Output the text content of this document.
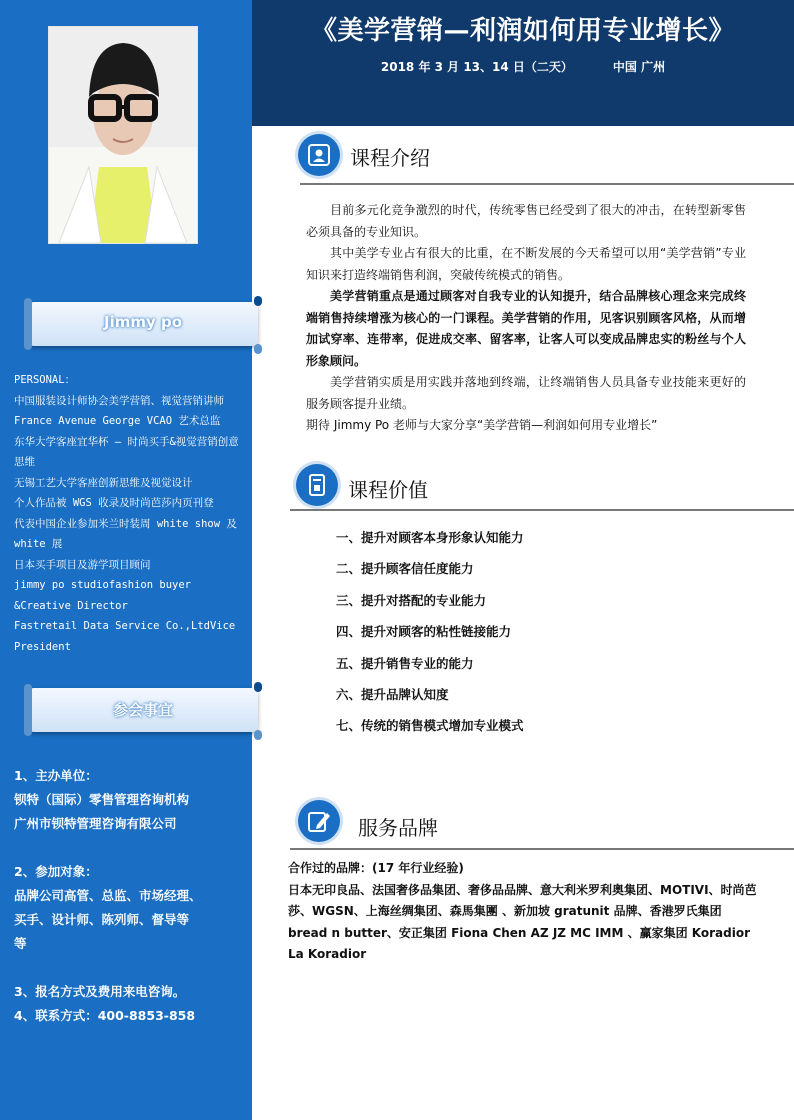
Jimmy po
PERSONAL：
中国服装设计师协会美学营销、视觉营销讲师
France Avenue George VCAO 艺术总监
东华大学客座宜华杯 — 时尚买手&视觉营销创意思维
无锡工艺大学客座创新思维及视觉设计
个人作品被 WGS 收录及时尚芭莎内页刊登
代表中国企业参加米兰时装周 white show 及 white 展
日本买手项目及游学项目顾问
jimmy po studiofashion buyer &Creative Director
Fastretail Data Service Co.,LtdVice President
参会事宜
1、主办单位：
钡特（国际）零售管理咨询机构
广州市钡特管理咨询有限公司
2、参加对象：
品牌公司高管、总监、市场经理、
买手、设计师、陈列师、督导等
等
3、报名方式及费用来电咨询。
4、联系方式：400-8853-858
《美学营销—利润如何用专业增长》
2018 年 3 月 13、14 日（二天）	中国 广州
课程介绍

目前多元化竞争激烈的时代，传统零售已经受到了很大的冲击，在转型新零售必须具备的专业知识。

其中美学专业占有很大的比重，在不断发展的今天希望可以用“美学营销”专业知识来打造终端销售利润，突破传统模式的销售。

美学营销重点是通过顾客对自我专业的认知提升，结合品牌核心理念来完成终端销售持续增涨为核心的一门课程。美学营销的作用，见客识别顾客风格，从而增加试穿率、连带率，促进成交率、留客率，让客人可以变成品牌忠实的粉丝与个人形象顾问。

美学营销实质是用实践并落地到终端，让终端销售人员具备专业技能来更好的服务顾客提升业绩。

期待 Jimmy Po 老师与大家分享“美学营销—利润如何用专业增长”

课程价值
一、提升对顾客本身形象认知能力
二、提升顾客信任度能力
三、提升对搭配的专业能力
四、提升对顾客的粘性链接能力
五、提升销售专业的能力
六、提升品牌认知度
七、传统的销售模式增加专业模式
服务品牌
合作过的品牌：(17 年行业经验)
日本无印良品、法国奢侈品集团、奢侈品品牌、意大利米罗利奥集团、MOTIVI、时尚芭莎、WGSN、上海丝绸集团、森馬集團 、新加坡 gratunit 品牌、香港罗氏集团 bread n butter、安正集团 Fiona Chen AZ JZ MC IMM 、赢家集团 Koradior La Koradior
